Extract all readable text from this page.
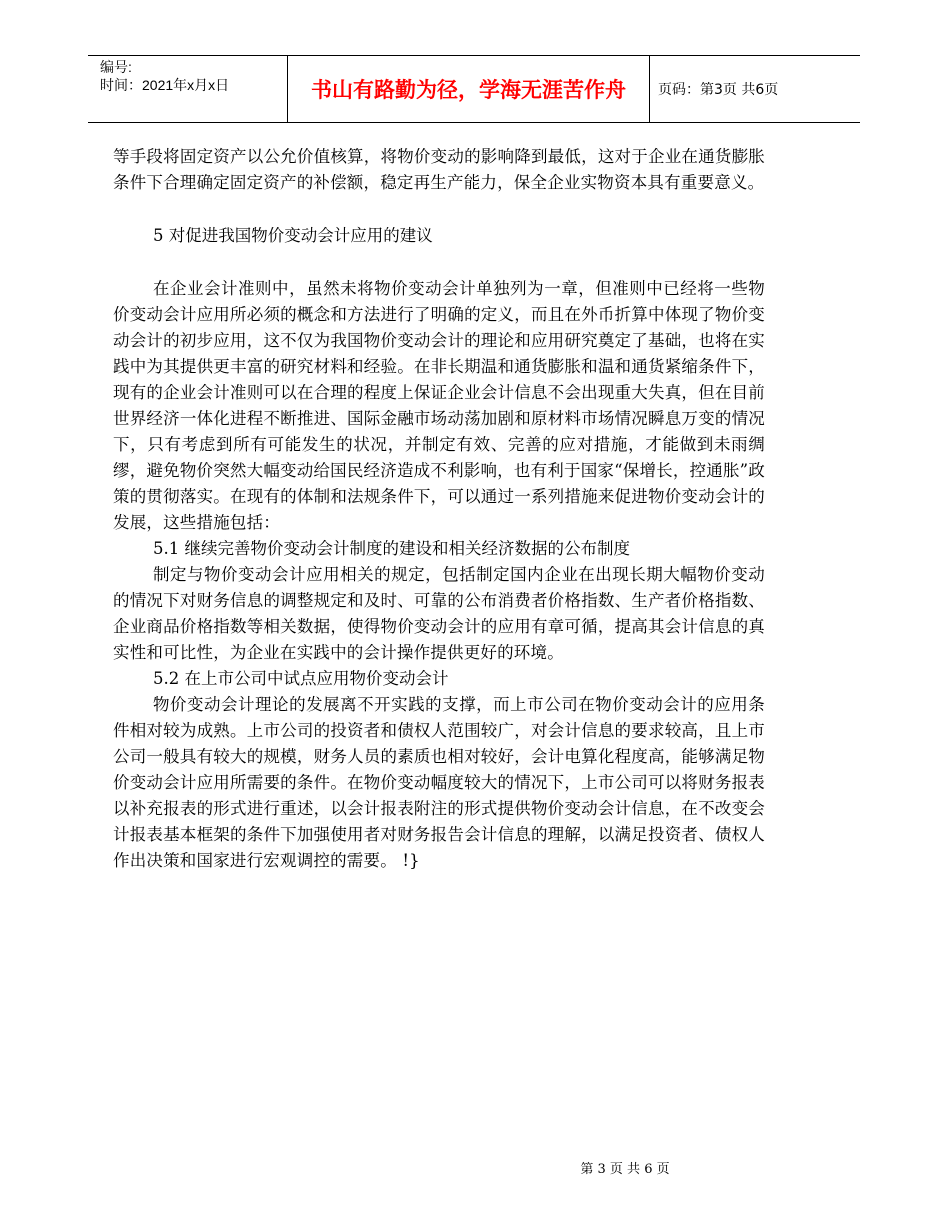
编号:
时间：2021年x月x日	书山有路勤为径，学海无涯苦作舟	页码：第3页 共6页

等手段将固定资产以公允价值核算，将物价变动的影响降到最低，这对于企业在通货膨胀条件下合理确定固定资产的补偿额，稳定再生产能力，保全企业实物资本具有重要意义。

5 对促进我国物价变动会计应用的建议

在企业会计准则中，虽然未将物价变动会计单独列为一章，但准则中已经将一些物价变动会计应用所必须的概念和方法进行了明确的定义，而且在外币折算中体现了物价变动会计的初步应用，这不仅为我国物价变动会计的理论和应用研究奠定了基础，也将在实践中为其提供更丰富的研究材料和经验。在非长期温和通货膨胀和温和通货紧缩条件下，现有的企业会计准则可以在合理的程度上保证企业会计信息不会出现重大失真，但在目前世界经济一体化进程不断推进、国际金融市场动荡加剧和原材料市场情况瞬息万变的情况下，只有考虑到所有可能发生的状况，并制定有效、完善的应对措施，才能做到未雨绸缪，避免物价突然大幅变动给国民经济造成不利影响，也有利于国家“保增长，控通胀”政策的贯彻落实。在现有的体制和法规条件下，可以通过一系列措施来促进物价变动会计的发展，这些措施包括：

5.1 继续完善物价变动会计制度的建设和相关经济数据的公布制度

制定与物价变动会计应用相关的规定，包括制定国内企业在出现长期大幅物价变动的情况下对财务信息的调整规定和及时、可靠的公布消费者价格指数、生产者价格指数、企业商品价格指数等相关数据，使得物价变动会计的应用有章可循，提高其会计信息的真实性和可比性，为企业在实践中的会计操作提供更好的环境。

5.2 在上市公司中试点应用物价变动会计

物价变动会计理论的发展离不开实践的支撑，而上市公司在物价变动会计的应用条件相对较为成熟。上市公司的投资者和债权人范围较广，对会计信息的要求较高，且上市公司一般具有较大的规模，财务人员的素质也相对较好，会计电算化程度高，能够满足物价变动会计应用所需要的条件。在物价变动幅度较大的情况下，上市公司可以将财务报表以补充报表的形式进行重述，以会计报表附注的形式提供物价变动会计信息，在不改变会计报表基本框架的条件下加强使用者对财务报告会计信息的理解，以满足投资者、债权人作出决策和国家进行宏观调控的需要。 !}

第 3 页 共 6 页
